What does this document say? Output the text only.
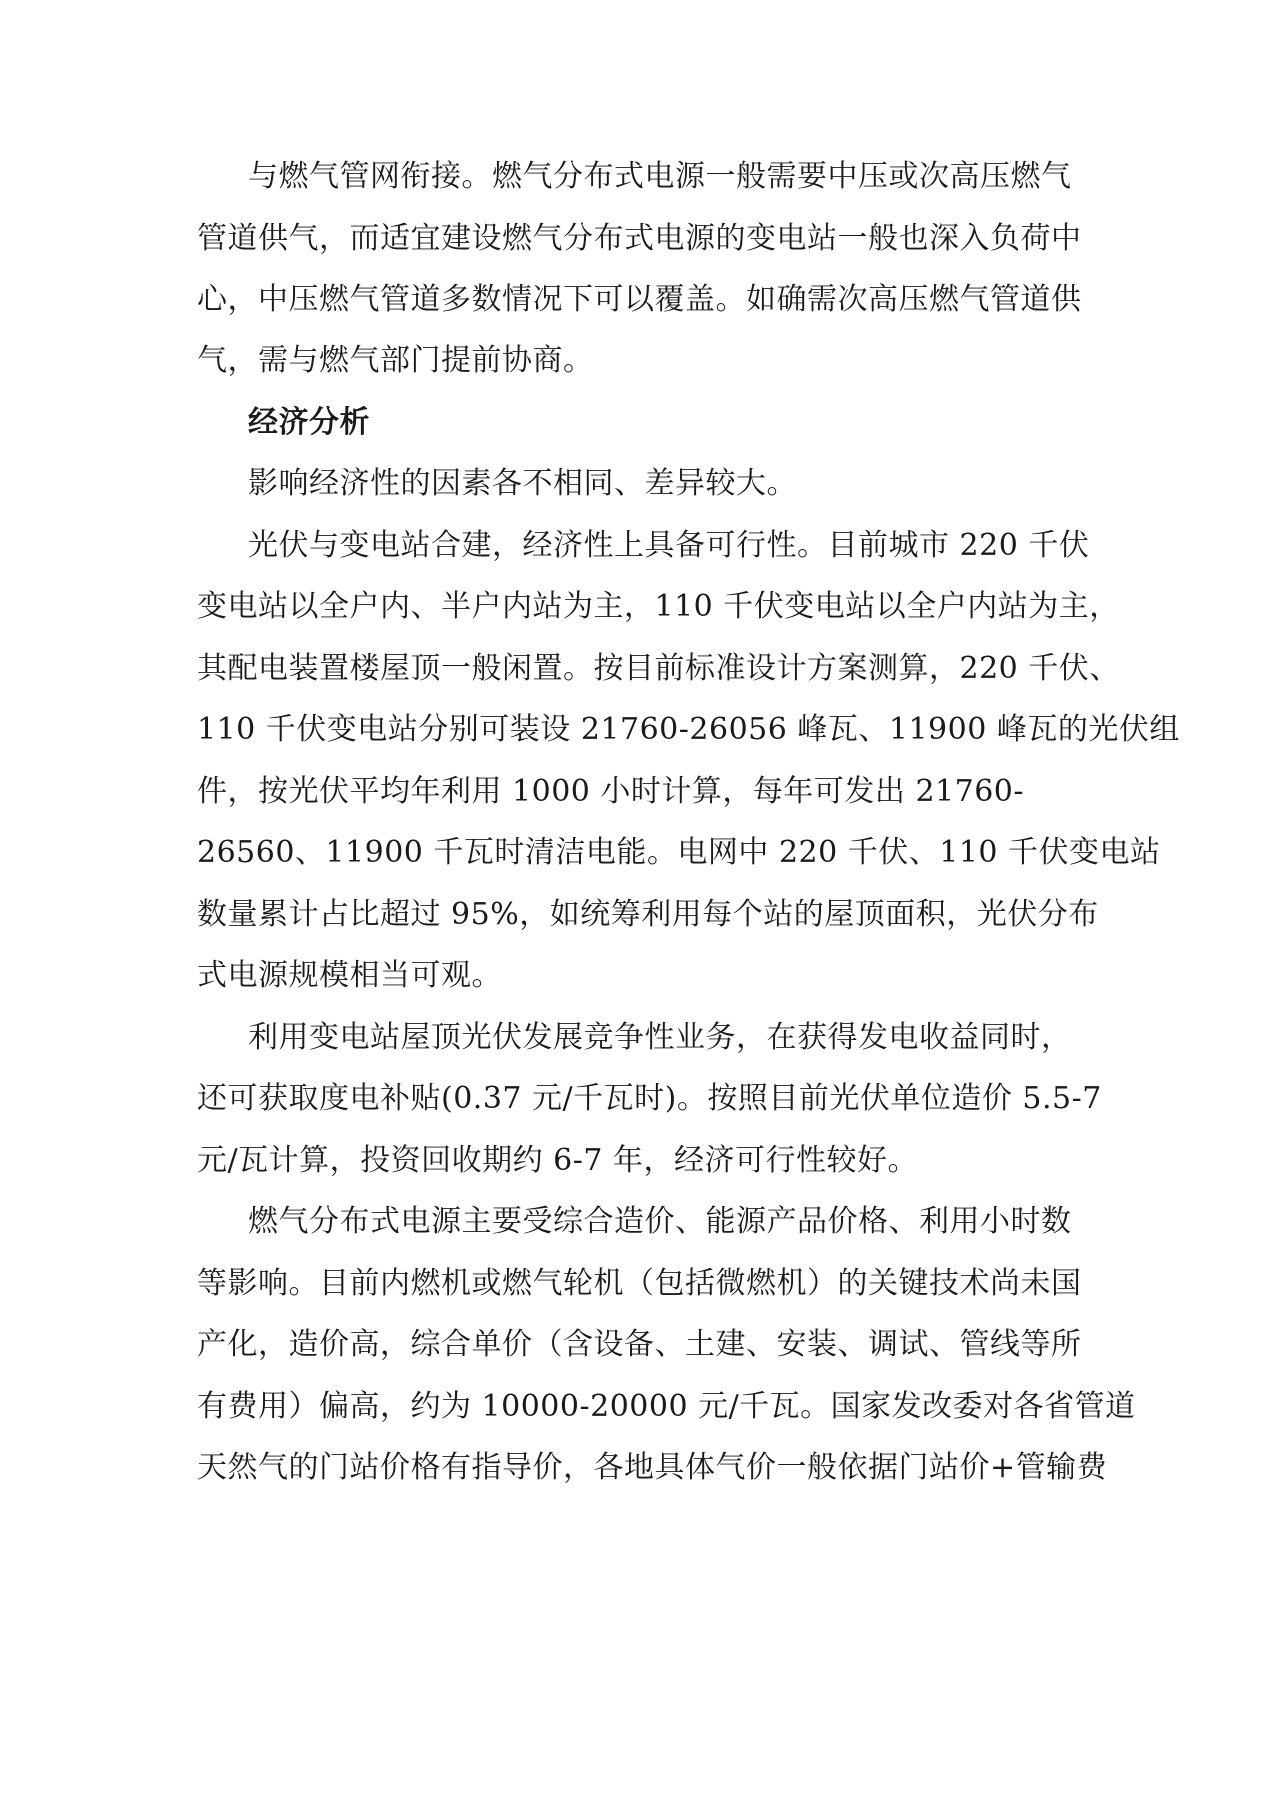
与燃气管网衔接。燃气分布式电源一般需要中压或次高压燃气
管道供气，而适宜建设燃气分布式电源的变电站一般也深入负荷中
心，中压燃气管道多数情况下可以覆盖。如确需次高压燃气管道供
气，需与燃气部门提前协商。
经济分析
影响经济性的因素各不相同、差异较大。
光伏与变电站合建，经济性上具备可行性。目前城市 220 千伏
变电站以全户内、半户内站为主，110 千伏变电站以全户内站为主，
其配电装置楼屋顶一般闲置。按目前标准设计方案测算，220 千伏、
110 千伏变电站分别可装设 21760-26056 峰瓦、11900 峰瓦的光伏组
件，按光伏平均年利用 1000 小时计算，每年可发出 21760-
26560、11900 千瓦时清洁电能。电网中 220 千伏、110 千伏变电站
数量累计占比超过 95%，如统筹利用每个站的屋顶面积，光伏分布
式电源规模相当可观。
利用变电站屋顶光伏发展竞争性业务，在获得发电收益同时，
还可获取度电补贴(0.37 元/千瓦时)。按照目前光伏单位造价 5.5-7
元/瓦计算，投资回收期约 6-7 年，经济可行性较好。
燃气分布式电源主要受综合造价、能源产品价格、利用小时数
等影响。目前内燃机或燃气轮机（包括微燃机）的关键技术尚未国
产化，造价高，综合单价（含设备、土建、安装、调试、管线等所
有费用）偏高，约为 10000-20000 元/千瓦。国家发改委对各省管道
天然气的门站价格有指导价，各地具体气价一般依据门站价+管输费
